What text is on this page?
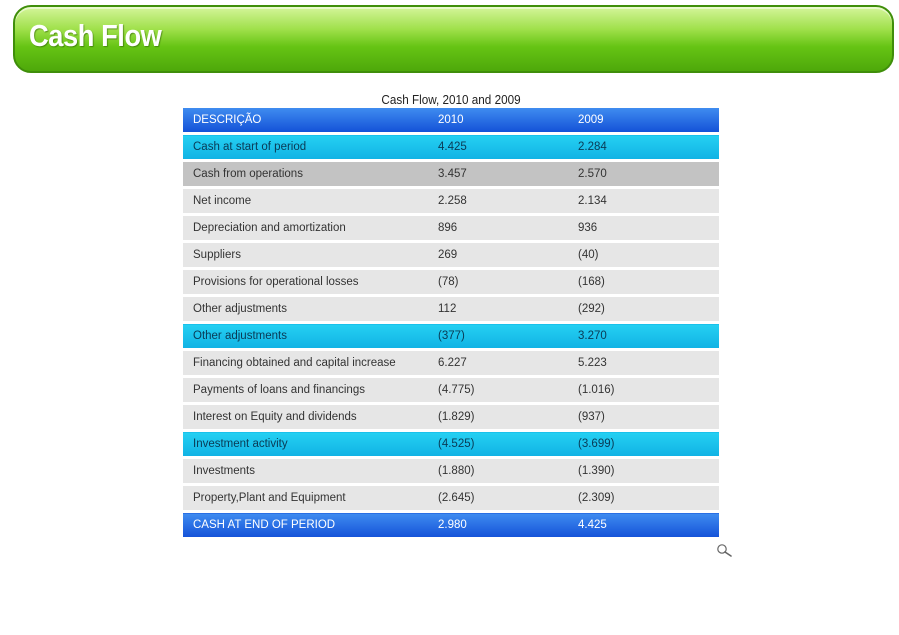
Cash Flow
Cash Flow, 2010 and 2009
DESCRIÇÃO	2010	2009
Cash at start of period	4.425	2.284
Cash from operations	3.457	2.570
Net income	2.258	2.134
Depreciation and amortization	896	936
Suppliers	269	(40)
Provisions for operational losses	(78)	(168)
Other adjustments	112	(292)
Other adjustments	(377)	3.270
Financing obtained and capital increase	6.227	5.223
Payments of loans and financings	(4.775)	(1.016)
Interest on Equity and dividends	(1.829)	(937)
Investment activity	(4.525)	(3.699)
Investments	(1.880)	(1.390)
Property,Plant and Equipment	(2.645)	(2.309)
CASH AT END OF PERIOD	2.980	4.425
